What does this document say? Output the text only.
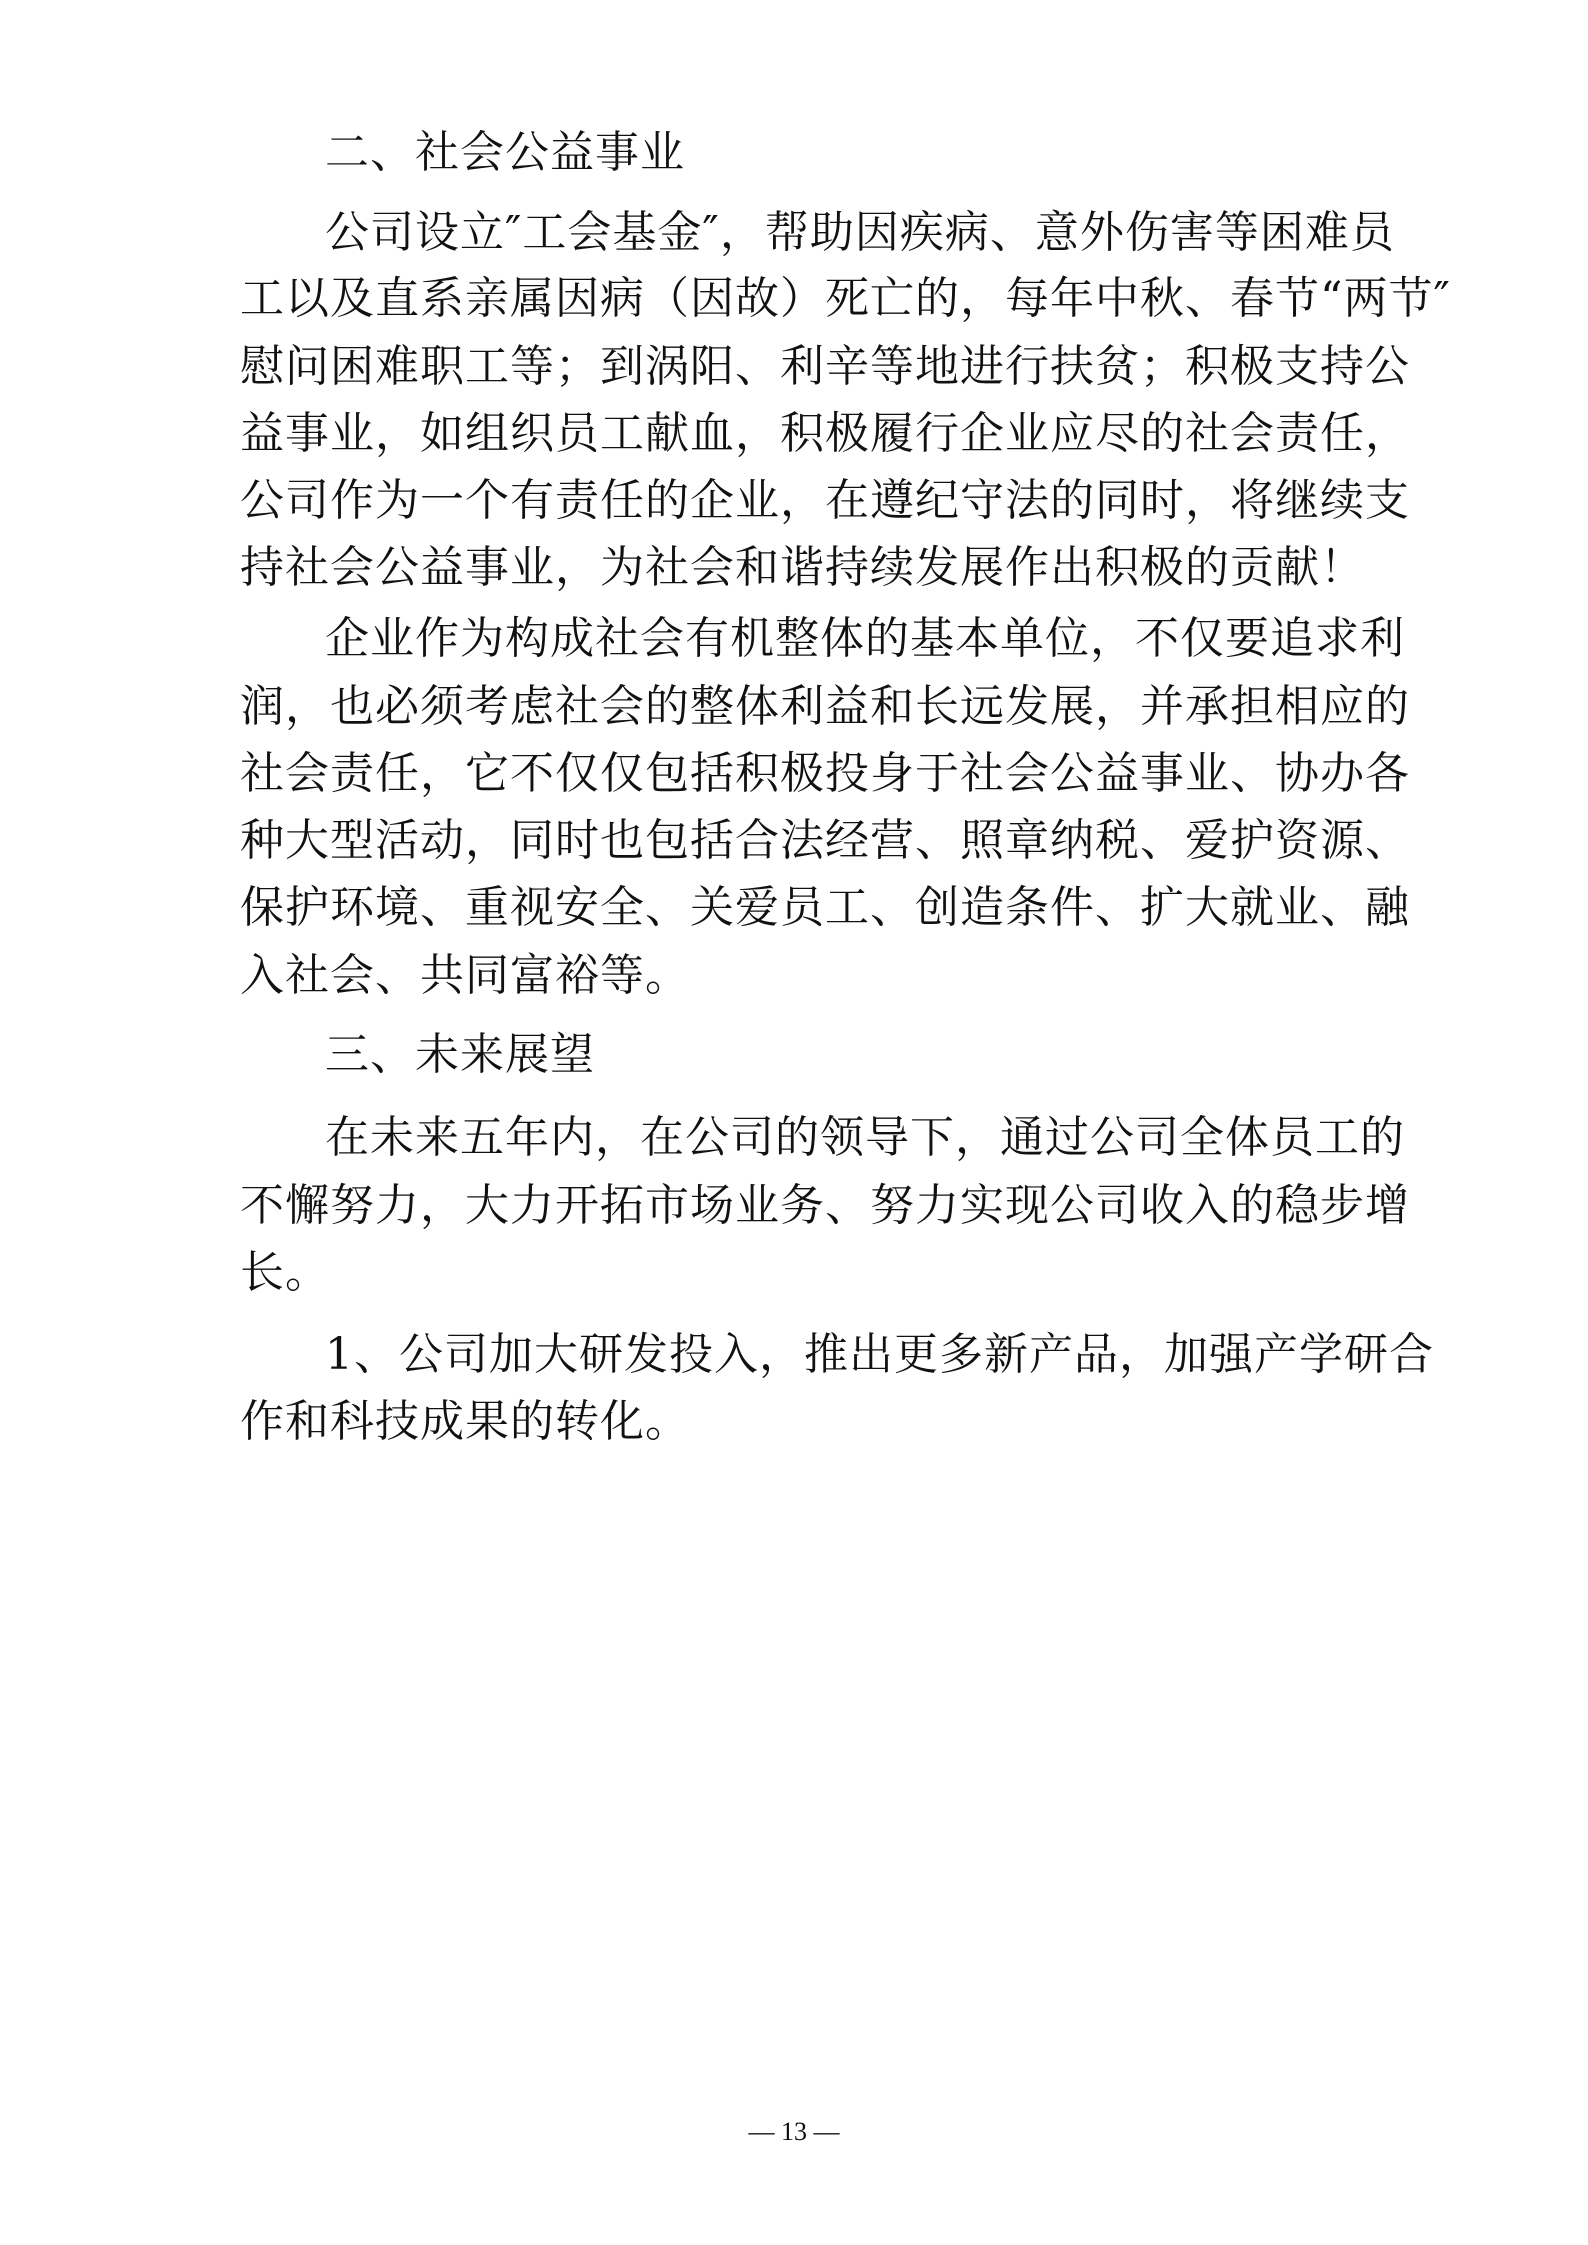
二、社会公益事业
公司设立″工会基金″，帮助因疾病、意外伤害等困难员
工以及直系亲属因病（因故）死亡的，每年中秋、春节“两节″
慰问困难职工等；到涡阳、利辛等地进行扶贫；积极支持公
益事业，如组织员工献血，积极履行企业应尽的社会责任，
公司作为一个有责任的企业，在遵纪守法的同时，将继续支
持社会公益事业，为社会和谐持续发展作出积极的贡献！
企业作为构成社会有机整体的基本单位，不仅要追求利
润，也必须考虑社会的整体利益和长远发展，并承担相应的
社会责任，它不仅仅包括积极投身于社会公益事业、协办各
种大型活动，同时也包括合法经营、照章纳税、爱护资源、
保护环境、重视安全、关爱员工、创造条件、扩大就业、融
入社会、共同富裕等。
三、未来展望
在未来五年内，在公司的领导下，通过公司全体员工的
不懈努力，大力开拓市场业务、努力实现公司收入的稳步增
长。
1、公司加大研发投入，推出更多新产品，加强产学研合
作和科技成果的转化。
— 13 —
